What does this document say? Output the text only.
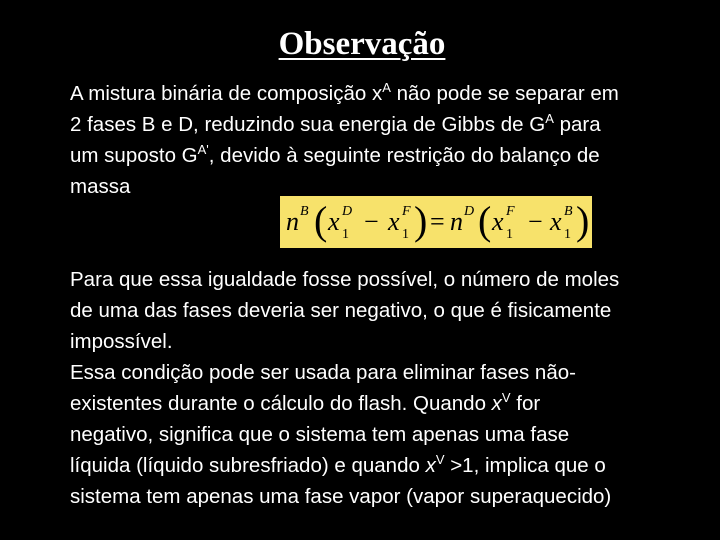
Observação
A mistura binária de composição $x^A$ não pode se separar em
2 fases B e D, reduzindo sua energia de Gibbs de $G^A$ para
um suposto $G^{A'}$, devido à seguinte restrição do balanço de
massa
n B ( x D
1 − x F
1 ) = n D ( x F
1 − x B
1 )
Para que essa igualdade fosse possível, o número de moles
de uma das fases deveria ser negativo, o que é fisicamente
impossível.
Essa condição pode ser usada para eliminar fases não-
existentes durante o cálculo do flash. Quando $x^V$ for
negativo, significa que o sistema tem apenas uma fase
líquida (líquido subresfriado) e quando $x^V >1$, implica que o
sistema tem apenas uma fase vapor (vapor superaquecido)
